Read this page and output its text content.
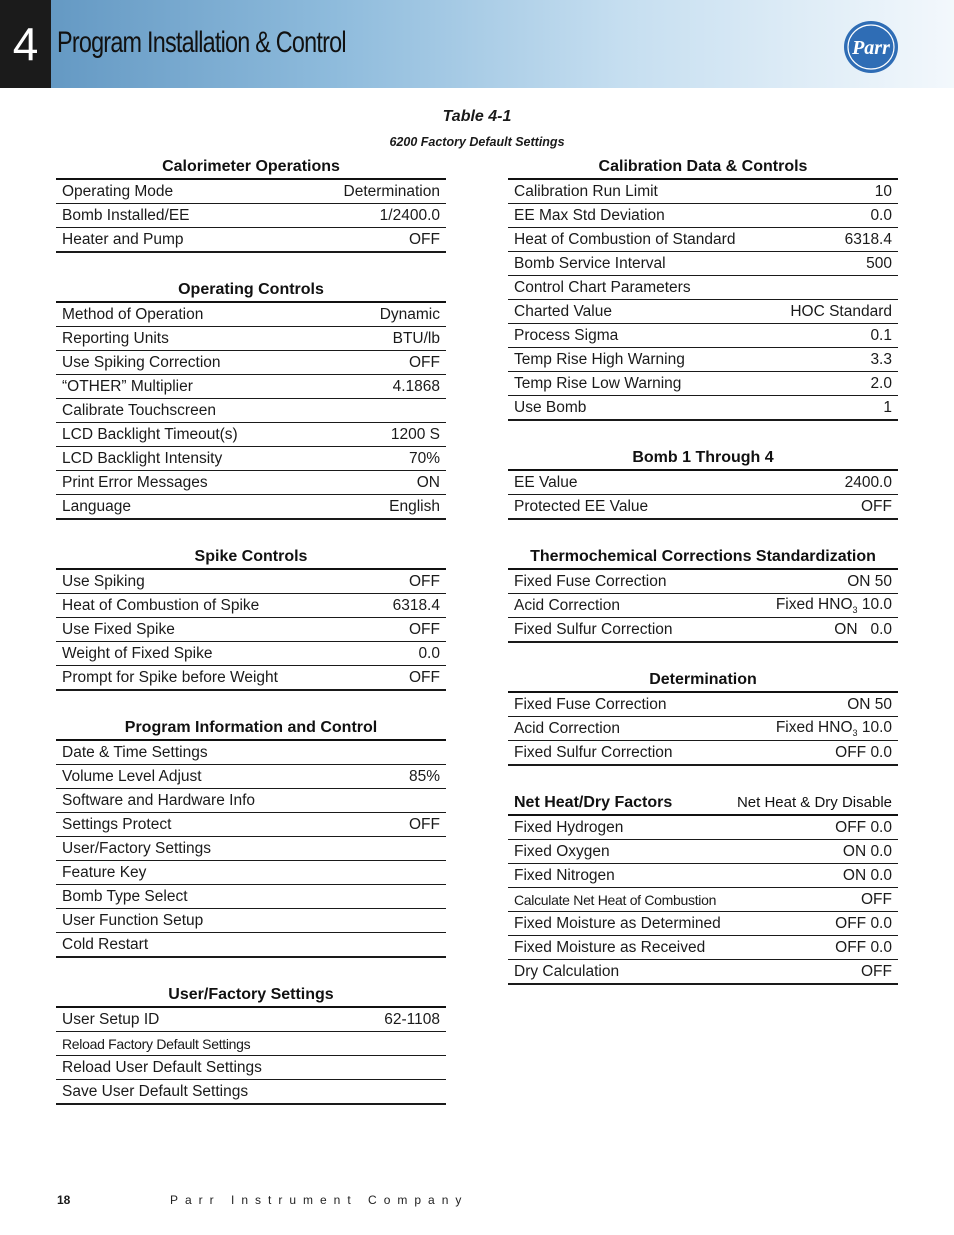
4 Program Installation & Control	Parr
Table 4-1
6200 Factory Default Settings
Calorimeter Operations
Operating Mode	Determination
Bomb Installed/EE	1/2400.0
Heater and Pump	OFF
Operating Controls
Method of Operation	Dynamic
Reporting Units	BTU/lb
Use Spiking Correction	OFF
“OTHER” Multiplier	4.1868
Calibrate Touchscreen
LCD Backlight Timeout(s)	1200 S
LCD Backlight Intensity	70%
Print Error Messages	ON
Language	English
Spike Controls
Use Spiking	OFF
Heat of Combustion of Spike	6318.4
Use Fixed Spike	OFF
Weight of Fixed Spike	0.0
Prompt for Spike before Weight	OFF
Program Information and Control
Date & Time Settings
Volume Level Adjust	85%
Software and Hardware Info
Settings Protect	OFF
User/Factory Settings
Feature Key
Bomb Type Select
User Function Setup
Cold Restart
User/Factory Settings
User Setup ID	62-1108
Reload Factory Default Settings
Reload User Default Settings
Save User Default Settings
Calibration Data & Controls
Calibration Run Limit	10
EE Max Std Deviation	0.0
Heat of Combustion of Standard	6318.4
Bomb Service Interval	500
Control Chart Parameters
Charted Value	HOC Standard
Process Sigma	0.1
Temp Rise High Warning	3.3
Temp Rise Low Warning	2.0
Use Bomb	1
Bomb 1 Through 4
EE Value	2400.0
Protected EE Value	OFF
Thermochemical Corrections Standardization
Fixed Fuse Correction	ON 50
Acid Correction	Fixed $HNO_3$ 10.0
Fixed Sulfur Correction	ON   0.0
Determination
Fixed Fuse Correction	ON 50
Acid Correction	Fixed $HNO_3$ 10.0
Fixed Sulfur Correction	OFF 0.0
Net Heat/Dry Factors	Net Heat & Dry Disable
Fixed Hydrogen	OFF 0.0
Fixed Oxygen	ON 0.0
Fixed Nitrogen	ON 0.0
Calculate Net Heat of Combustion	OFF
Fixed Moisture as Determined	OFF 0.0
Fixed Moisture as Received	OFF 0.0
Dry Calculation	OFF
18	Parr Instrument Company
